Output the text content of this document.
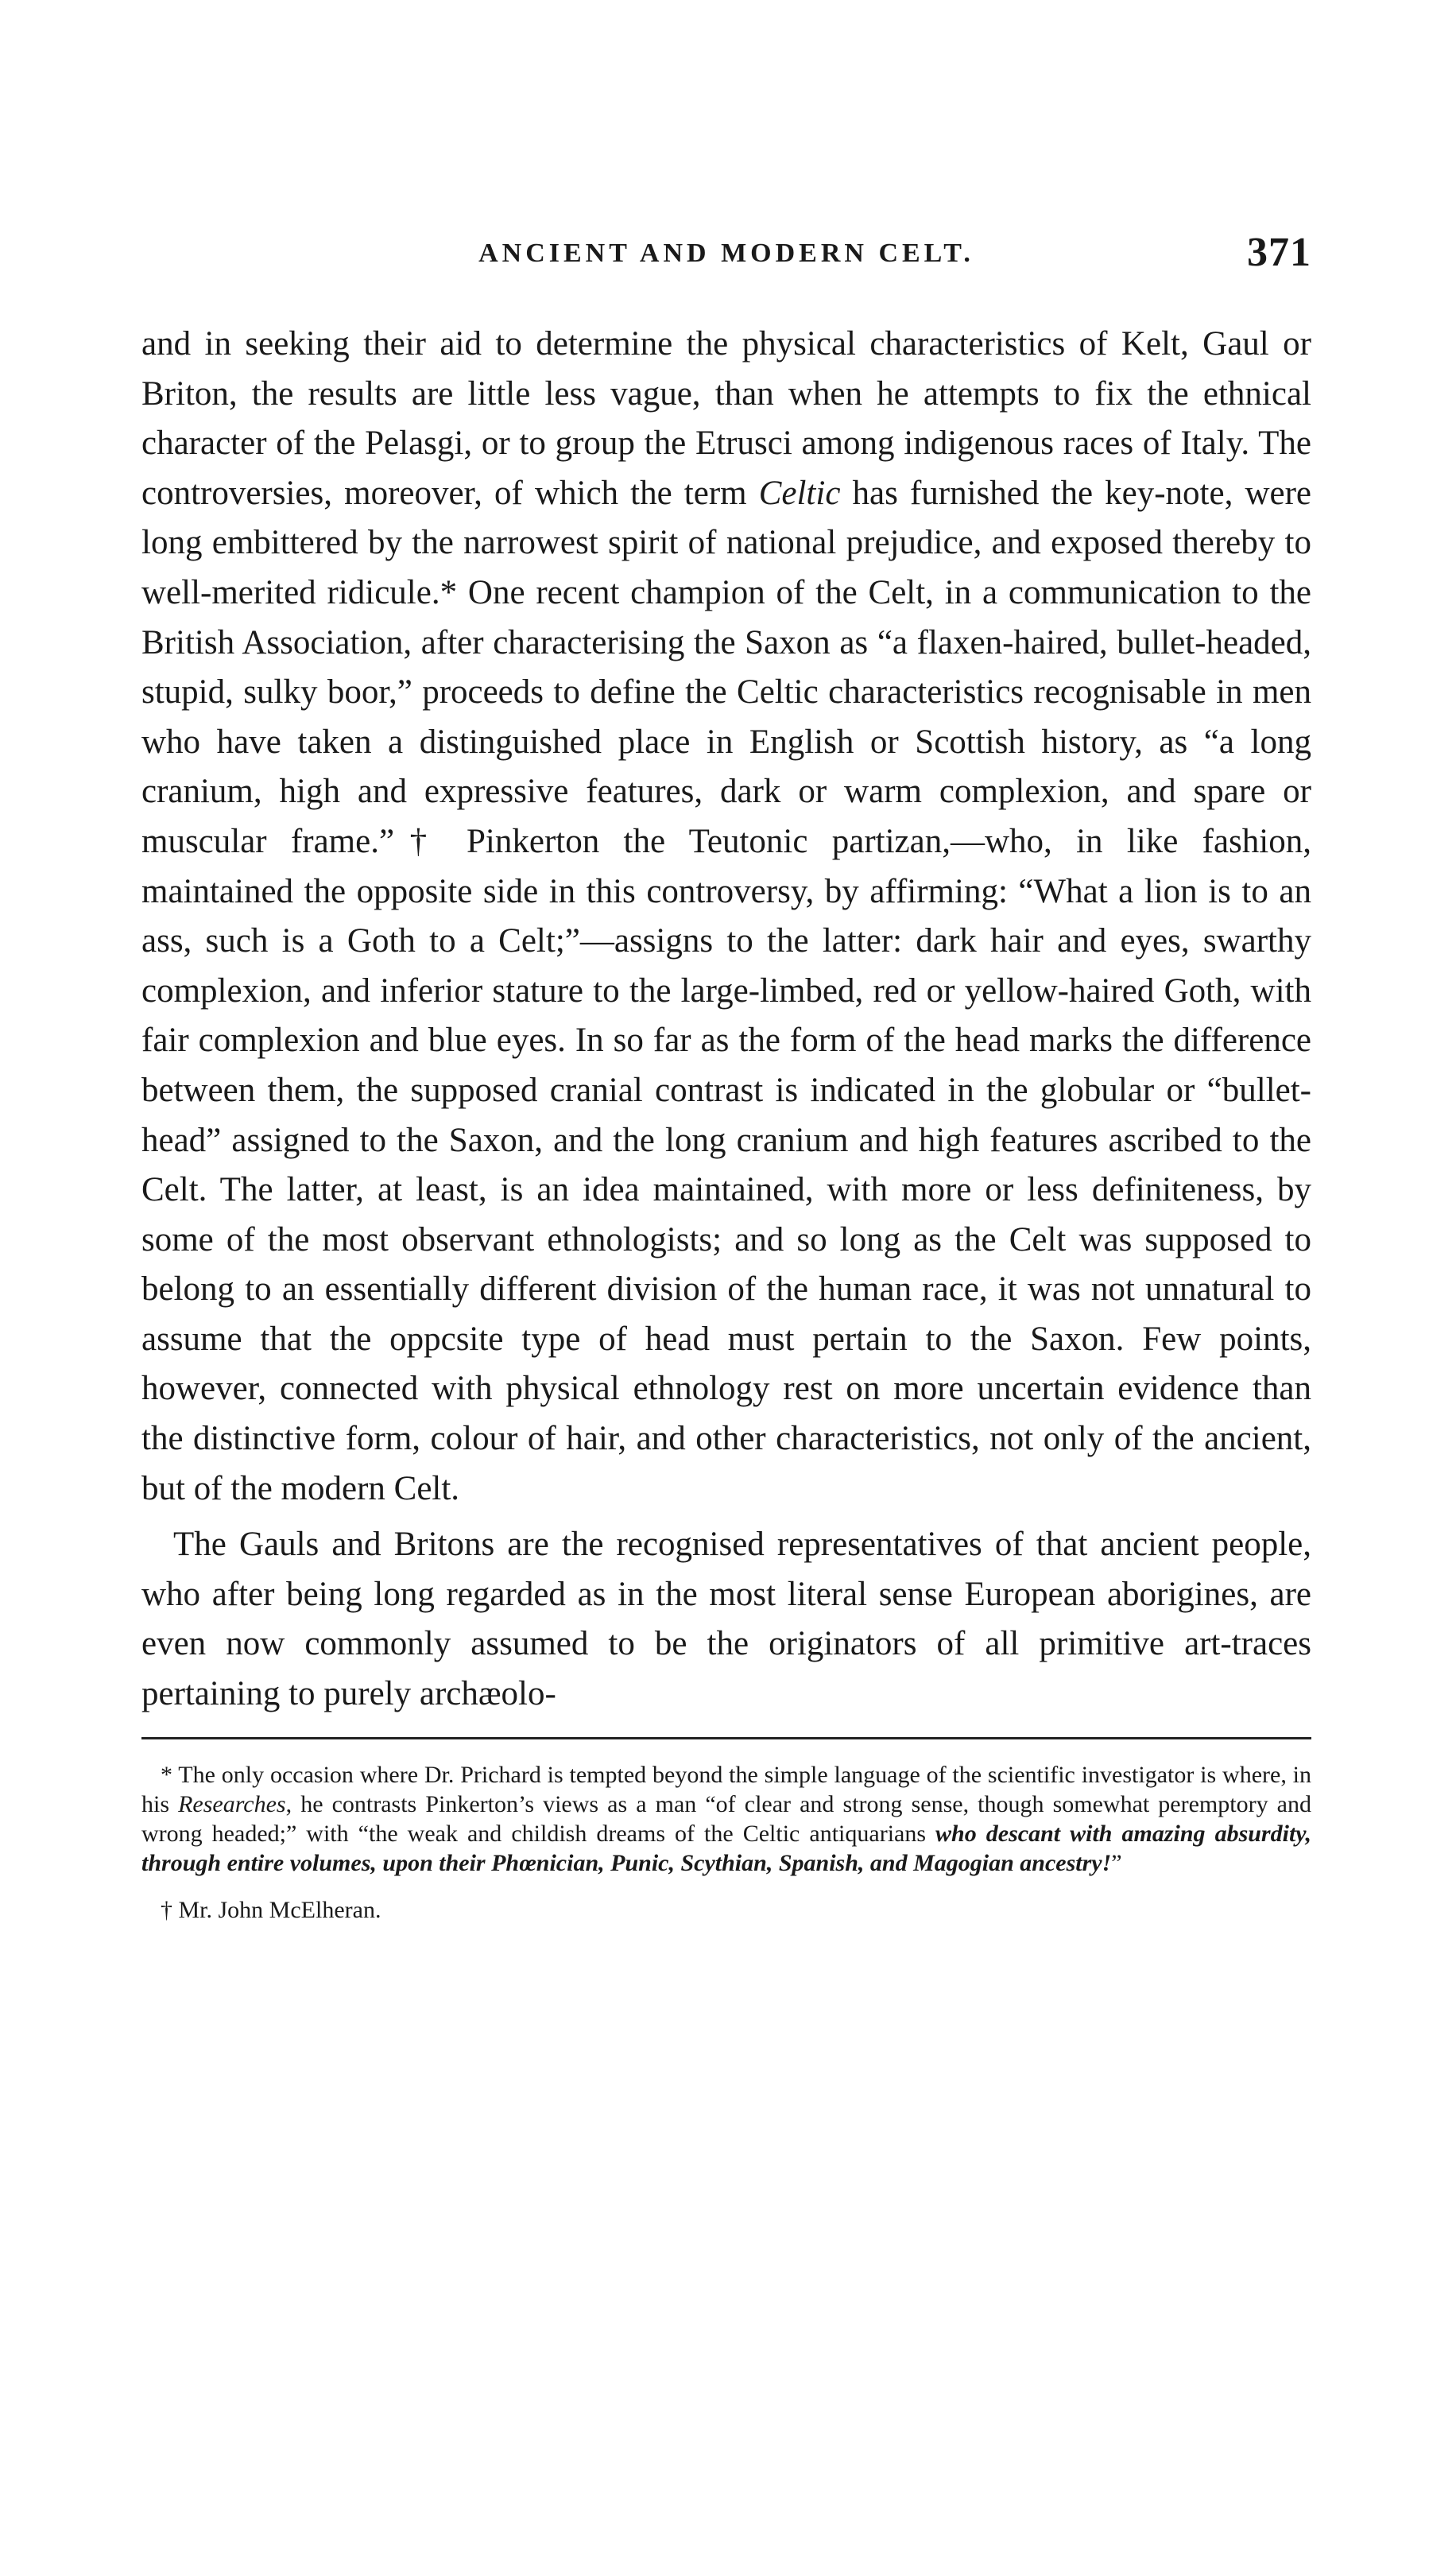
ANCIENT AND MODERN CELT.	371

and in seeking their aid to determine the physical characteristics of Kelt, Gaul or Briton, the results are little less vague, than when he attempts to fix the ethnical character of the Pelasgi, or to group the Etrusci among indigenous races of Italy. The controversies, moreover, of which the term Celtic has furnished the key-note, were long embittered by the narrowest spirit of national prejudice, and exposed thereby to well-merited ridicule.* One recent champion of the Celt, in a communication to the British Association, after characterising the Saxon as “a flaxen-haired, bullet-headed, stupid, sulky boor,” proceeds to define the Celtic characteristics recognisable in men who have taken a distinguished place in English or Scottish history, as “a long cranium, high and expressive features, dark or warm complexion, and spare or muscular frame.”† Pinkerton the Teutonic partizan,—who, in like fashion, maintained the opposite side in this controversy, by affirming: “What a lion is to an ass, such is a Goth to a Celt;”—assigns to the latter: dark hair and eyes, swarthy complexion, and inferior stature to the large-limbed, red or yellow-haired Goth, with fair complexion and blue eyes. In so far as the form of the head marks the difference between them, the supposed cranial contrast is indicated in the globular or “bullet-head” assigned to the Saxon, and the long cranium and high features ascribed to the Celt. The latter, at least, is an idea maintained, with more or less definiteness, by some of the most observant ethnologists; and so long as the Celt was supposed to belong to an essentially different division of the human race, it was not unnatural to assume that the oppcsite type of head must pertain to the Saxon. Few points, however, connected with physical ethnology rest on more uncertain evidence than the distinctive form, colour of hair, and other characteristics, not only of the ancient, but of the modern Celt.

The Gauls and Britons are the recognised representatives of that ancient people, who after being long regarded as in the most literal sense European aborigines, are even now commonly assumed to be the originators of all primitive art-traces pertaining to purely archæolo-

* The only occasion where Dr. Prichard is tempted beyond the simple language of the scientific investigator is where, in his Researches, he contrasts Pinkerton’s views as a man “of clear and strong sense, though somewhat peremptory and wrong headed;” with “the weak and childish dreams of the Celtic antiquarians who descant with amazing absurdity, through entire volumes, upon their Phœnician, Punic, Scythian, Spanish, and Magogian ancestry!”

† Mr. John McElheran.
